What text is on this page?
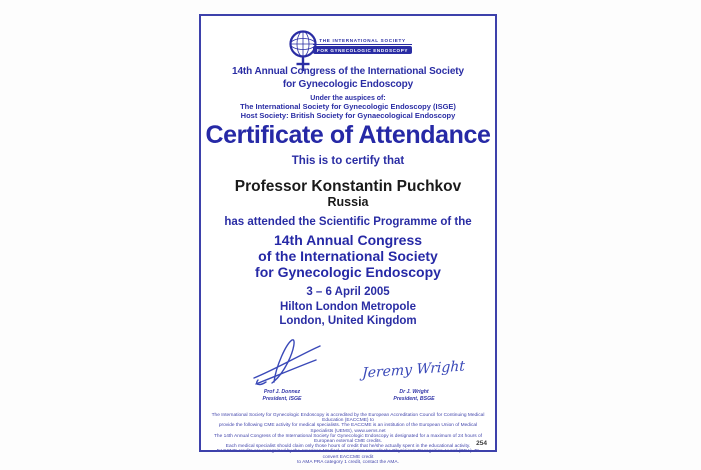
THE INTERNATIONAL SOCIETY
FOR GYNECOLOGIC ENDOSCOPY
14th Annual Congress of the International Society
for Gynecologic Endoscopy
Under the auspices of:
The International Society for Gynecologic Endoscopy (ISGE)
Host Society: British Society for Gynaecological Endoscopy
Certificate of Attendance
This is to certify that
Professor Konstantin Puchkov
Russia
has attended the Scientific Programme of the
14th Annual Congress
of the International Society
for Gynecologic Endoscopy
3 – 6 April 2005
Hilton London Metropole
London, United Kingdom
Prof J. Donnez
President, ISGE
Jeremy Wright
Dr J. Wright
President, BSGE
The International Society for Gynecologic Endoscopy is accredited by the European Accreditation Council for Continuing Medical Education (EACCME) to
provide the following CME activity for medical specialists. The EACCME is an institution of the European Union of Medical Specialists (UEMS), www.uems.net
The 14th Annual Congress of the International Society for Gynecologic Endoscopy is designated for a maximum of 24 hours of European external CME credits.
Each medical specialist should claim only those hours of credit that he/she actually spent in the educational activity.
EACCME credits are recognized by the American Medical Association towards the Physician's Recognition Award (PRA). To convert EACCME credit
to AMA PRA category 1 credit, contact the AMA.
254
